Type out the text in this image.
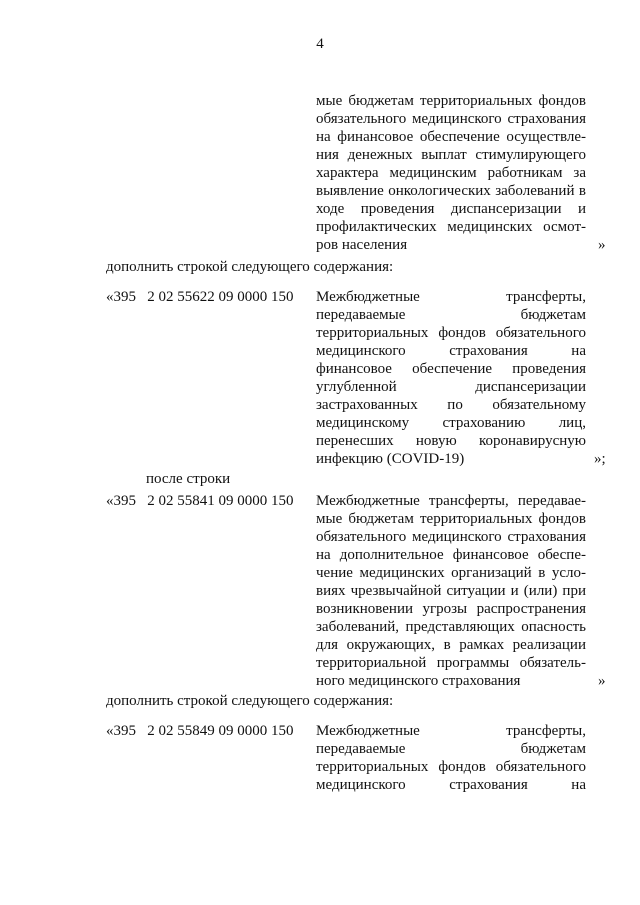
4
мые бюджетам территориальных фондов
обязательного медицинского страхования
на финансовое обеспечение осуществле-
ния денежных выплат стимулирующего
характера медицинским работникам за
выявление онкологических заболеваний в
ходе проведения диспансеризации и
профилактических медицинских осмот-
ров населения	»
дополнить строкой следующего содержания:
«395   2 02 55622 09 0000 150 Межбюджетные трансферты,
передаваемые бюджетам
территориальных фондов обязательного
медицинского страхования на
финансовое обеспечение проведения
углубленной диспансеризации
застрахованных по обязательному
медицинскому страхованию лиц,
перенесших новую коронавирусную
инфекцию (COVID-19)	»;
после строки
«395   2 02 55841 09 0000 150 Межбюджетные трансферты, передавае-
мые бюджетам территориальных фондов
обязательного медицинского страхования
на дополнительное финансовое обеспе-
чение медицинских организаций в усло-
виях чрезвычайной ситуации и (или) при
возникновении угрозы распространения
заболеваний, представляющих опасность
для окружающих, в рамках реализации
территориальной программы обязатель-
ного медицинского страхования	»
дополнить строкой следующего содержания:
«395   2 02 55849 09 0000 150 Межбюджетные трансферты,
передаваемые бюджетам
территориальных фондов обязательного
медицинского страхования на
